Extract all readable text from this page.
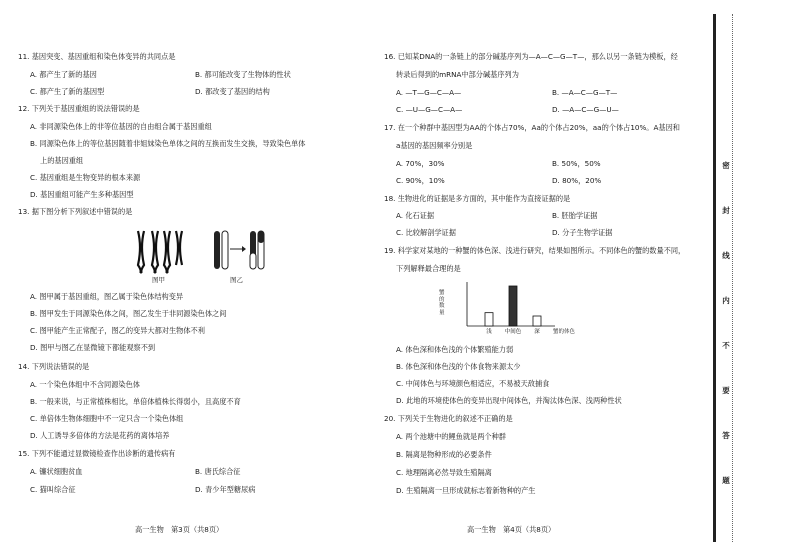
11. 基因突变、基因重组和染色体变异的共同点是
A. 都产生了新的基因	B. 都可能改变了生物体的性状
C. 都产生了新的基因型	D. 都改变了基因的结构
12. 下列关于基因重组的说法错误的是
A. 非同源染色体上的非等位基因的自由组合属于基因重组
B. 同源染色体上的等位基因随着非姐妹染色单体之间的互换而发生交换，导致染色单体
上的基因重组
C. 基因重组是生物变异的根本来源
D. 基因重组可能产生多种基因型
13. 据下图分析下列叙述中错误的是
图甲	图乙
A. 图甲属于基因重组，图乙属于染色体结构变异
B. 图甲发生于同源染色体之间，图乙发生于非同源染色体之间
C. 图甲能产生正常配子，图乙的变异大都对生物体不利
D. 图甲与图乙在显微镜下都能观察不到
14. 下列说法错误的是
A. 一个染色体组中不含同源染色体
B. 一般来说，与正常植株相比，单倍体植株长得弱小，且高度不育
C. 单倍体生物体细胞中不一定只含一个染色体组
D. 人工诱导多倍体的方法是花药的离体培养
15. 下列不能通过显微镜检查作出诊断的遗传病有
A. 镰状细胞贫血	B. 唐氏综合征
C. 猫叫综合征	D. 青少年型糖尿病
高一生物　第3页（共8页）
16. 已知某DNA的一条链上的部分碱基序列为—A—C—G—T—，那么以另一条链为模板，经
转录后得到的mRNA中部分碱基序列为
A. —T—G—C—A—	B. —A—C—G—T—
C. —U—G—C—A—	D. —A—C—G—U—
17. 在一个种群中基因型为AA的个体占70%，Aa的个体占20%，aa的个体占10%。A基因和
a基因的基因频率分别是
A. 70%，30%	B. 50%，50%
C. 90%，10%	D. 80%，20%
18. 生物进化的证据是多方面的，其中能作为直接证据的是
A. 化石证据	B. 胚胎学证据
C. 比较解剖学证据	D. 分子生物学证据
19. 科学家对某地的一种蟹的体色深、浅进行研究，结果如图所示。不同体色的蟹的数量不同，
下列解释最合理的是
A. 体色深和体色浅的个体繁殖能力弱
B. 体色深和体色浅的个体食物来源太少
C. 中间体色与环境颜色相适应，不易被天敌捕食
D. 此地的环境使体色的变异出现中间体色，并淘汰体色深、浅两种性状
20. 下列关于生物进化的叙述不正确的是
A. 两个池塘中的鲤鱼就是两个种群
B. 隔离是物种形成的必要条件
C. 地理隔离必然导致生殖隔离
D. 生殖隔离一旦形成就标志着新物种的产生
高一生物　第4页（共8页）
浅 中间色 深
蟹的数量
蟹的体色
密
封
线
内
不
要
答
题
